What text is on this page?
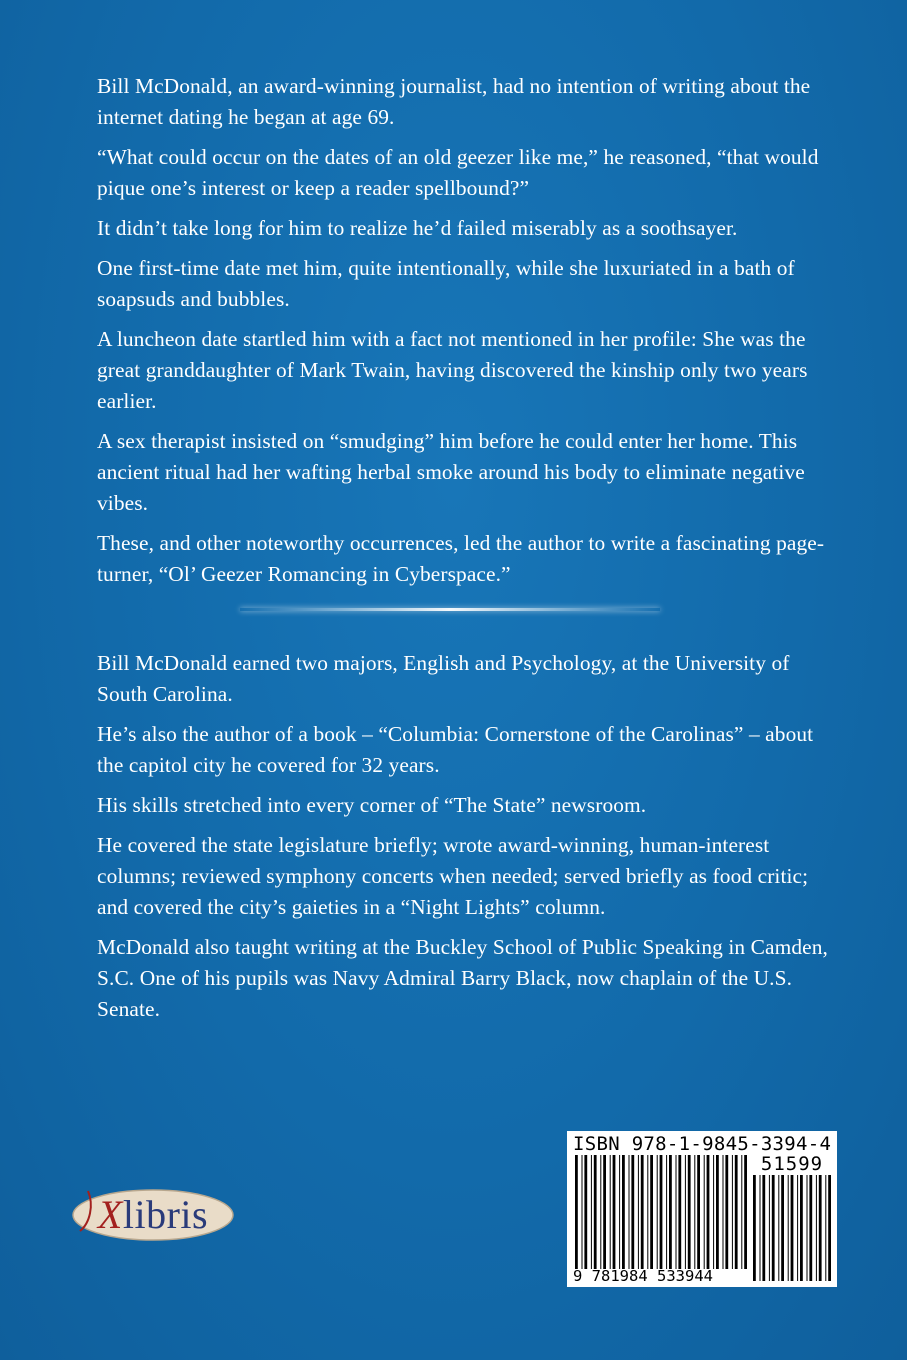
Bill McDonald, an award-winning journalist, had no intention of writing about the internet dating he began at age 69.

“What could occur on the dates of an old geezer like me,” he reasoned, “that would pique one’s interest or keep a reader spellbound?”

It didn’t take long for him to realize he’d failed miserably as a soothsayer.

One first-time date met him, quite intentionally, while she luxuriated in a bath of soapsuds and bubbles.

A luncheon date startled him with a fact not mentioned in her profile: She was the great granddaughter of Mark Twain, having discovered the kinship only two years earlier.

A sex therapist insisted on “smudging” him before he could enter her home. This ancient ritual had her wafting herbal smoke around his body to eliminate negative vibes.

These, and other noteworthy occurrences, led the author to write a fascinating page-turner, “Ol’ Geezer Romancing in Cyberspace.”

Bill McDonald earned two majors, English and Psychology, at the University of South Carolina.

He’s also the author of a book – “Columbia: Cornerstone of the Carolinas” – about the capitol city he covered for 32 years.

His skills stretched into every corner of “The State” newsroom.

He covered the state legislature briefly; wrote award-winning, human-interest columns; reviewed symphony concerts when needed; served briefly as food critic; and covered the city’s gaieties in a “Night Lights” column.

McDonald also taught writing at the Buckley School of Public Speaking in Camden, S.C. One of his pupils was Navy Admiral Barry Black, now chaplain of the U.S. Senate.

X libris
ISBN 978-1-9845-3394-4
51599
9 781984 533944
